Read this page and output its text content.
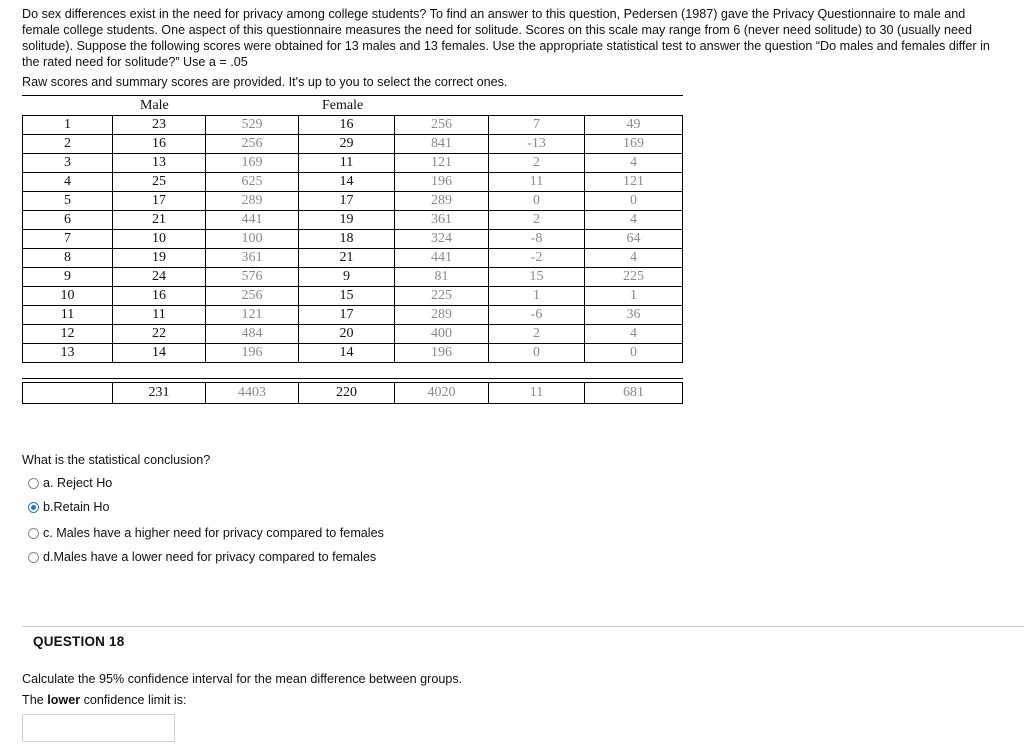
Do sex differences exist in the need for privacy among college students? To find an answer to this question, Pedersen (1987) gave the Privacy Questionnaire to male and female college students. One aspect of this questionnaire measures the need for solitude. Scores on this scale may range from 6 (never need solitude) to 30 (usually need solitude). Suppose the following scores were obtained for 13 males and 13 females. Use the appropriate statistical test to answer the question “Do males and females differ in the rated need for solitude?” Use a = .05
Raw scores and summary scores are provided. It's up to you to select the correct ones.
Male	Female
1	23	529	16	256	7	49
2	16	256	29	841	-13	169
3	13	169	11	121	2	4
4	25	625	14	196	11	121
5	17	289	17	289	0	0
6	21	441	19	361	2	4
7	10	100	18	324	-8	64
8	19	361	21	441	-2	4
9	24	576	9	81	15	225
10	16	256	15	225	1	1
11	11	121	17	289	-6	36
12	22	484	20	400	2	4
13	14	196	14	196	0	0
	231	4403	220	4020	11	681
What is the statistical conclusion?
a.
Reject Ho
b. Retain Ho
c.
Males have a higher need for privacy compared to females
d. Males have a lower need for privacy compared to females
QUESTION 18
Calculate the 95% confidence interval for the mean difference between groups.
The lower confidence limit is:
